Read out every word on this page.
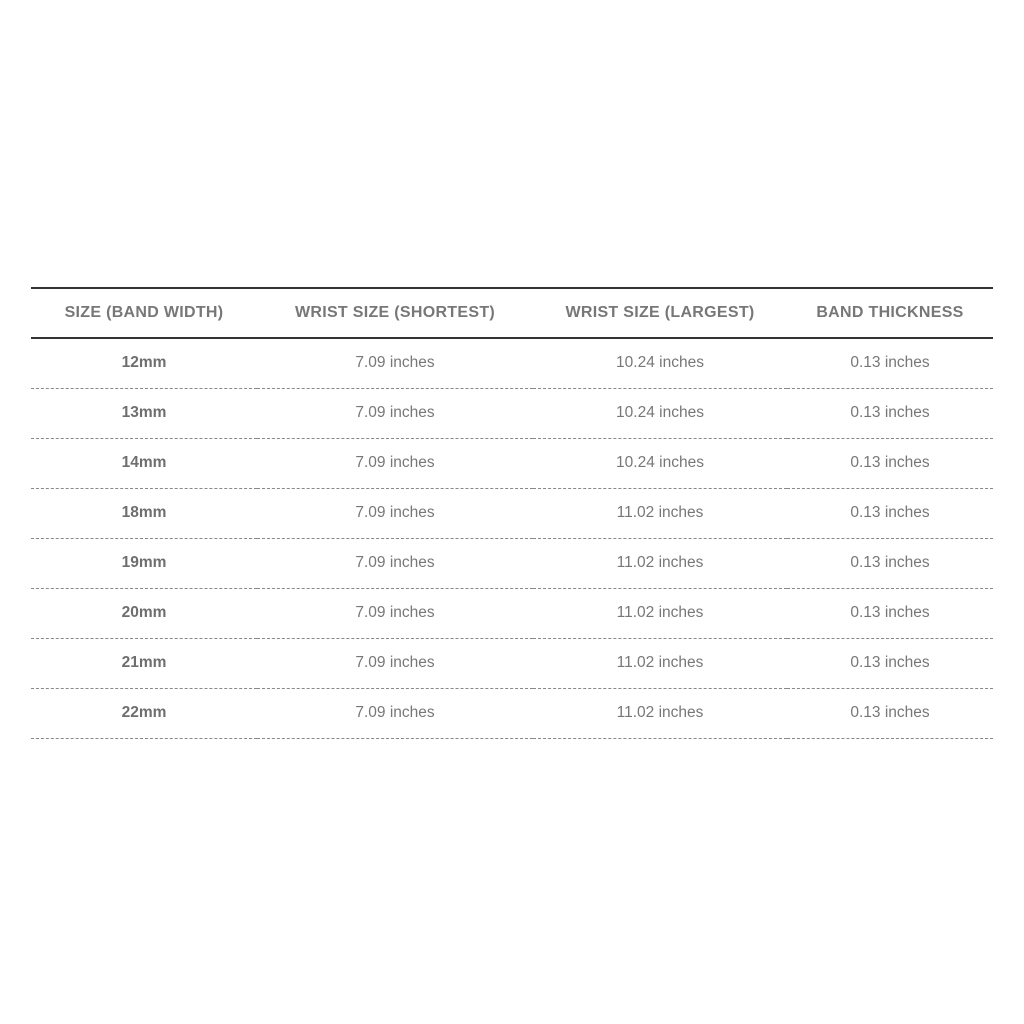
SIZE (BAND WIDTH)	WRIST SIZE (SHORTEST)	WRIST SIZE (LARGEST)	BAND THICKNESS
12mm	7.09 inches	10.24 inches	0.13 inches
13mm	7.09 inches	10.24 inches	0.13 inches
14mm	7.09 inches	10.24 inches	0.13 inches
18mm	7.09 inches	11.02 inches	0.13 inches
19mm	7.09 inches	11.02 inches	0.13 inches
20mm	7.09 inches	11.02 inches	0.13 inches
21mm	7.09 inches	11.02 inches	0.13 inches
22mm	7.09 inches	11.02 inches	0.13 inches
